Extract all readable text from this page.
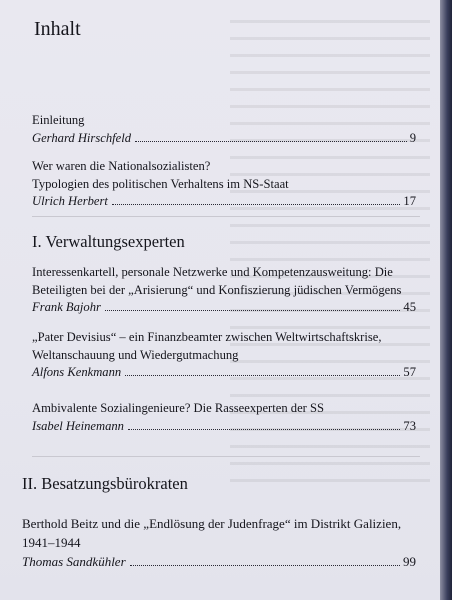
Inhalt
Einleitung
Gerhard Hirschfeld	9
Wer waren die Nationalsozialisten?
Typologien des politischen Verhaltens im NS-Staat
Ulrich Herbert	17
I. Verwaltungsexperten
Interessenkartell, personale Netzwerke und Kompetenzausweitung: Die
Beteiligten bei der „Arisierung“ und Konfiszierung jüdischen Vermögens
Frank Bajohr	45
„Pater Devisius“ – ein Finanzbeamter zwischen Weltwirtschaftskrise,
Weltanschauung und Wiedergutmachung
Alfons Kenkmann	57
Ambivalente Sozialingenieure? Die Rasseexperten der SS
Isabel Heinemann	73
II. Besatzungsbürokraten
Berthold Beitz und die „Endlösung der Judenfrage“ im Distrikt Galizien,
1941–1944
Thomas Sandkühler	99
